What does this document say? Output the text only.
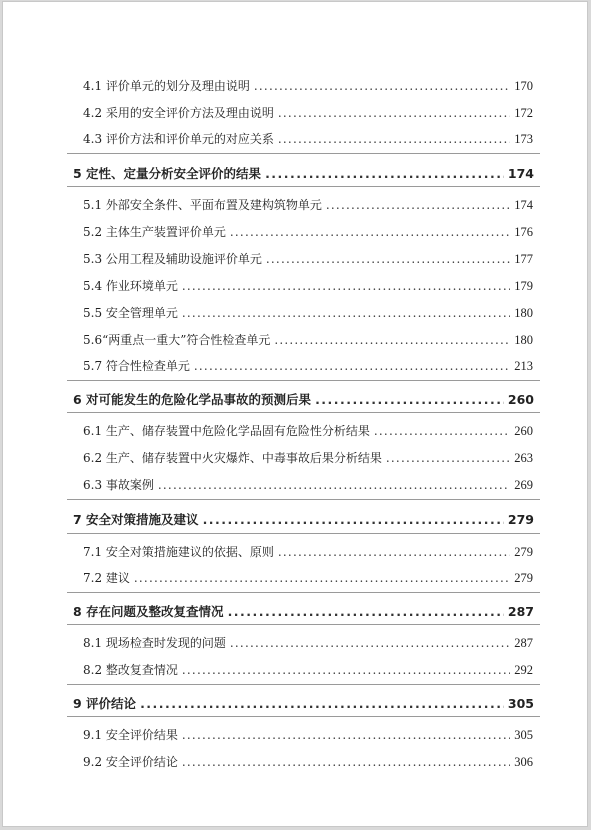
4.1 评价单元的划分及理由说明 .....	170
4.2 采用的安全评价方法及理由说明 .....	172
4.3 评价方法和评价单元的对应关系 .....	173
5 定性、定量分析安全评价的结果 .....	174
5.1 外部安全条件、平面布置及建构筑物单元 .....	174
5.2 主体生产装置评价单元 .....	176
5.3 公用工程及辅助设施评价单元 .....	177
5.4 作业环境单元 .....	179
5.5 安全管理单元 .....	180
5.6“两重点一重大”符合性检查单元 .....	180
5.7 符合性检查单元 .....	213
6 对可能发生的危险化学品事故的预测后果 .....	260
6.1 生产、储存装置中危险化学品固有危险性分析结果 .....	260
6.2 生产、储存装置中火灾爆炸、中毒事故后果分析结果 .....	263
6.3 事故案例 .....	269
7 安全对策措施及建议 .....	279
7.1 安全对策措施建议的依据、原则 .....	279
7.2 建议 .....	279
8 存在问题及整改复查情况 .....	287
8.1 现场检查时发现的问题 .....	287
8.2 整改复查情况 .....	292
9 评价结论 .....	305
9.1 安全评价结果 .....	305
9.2 安全评价结论 .....	306
